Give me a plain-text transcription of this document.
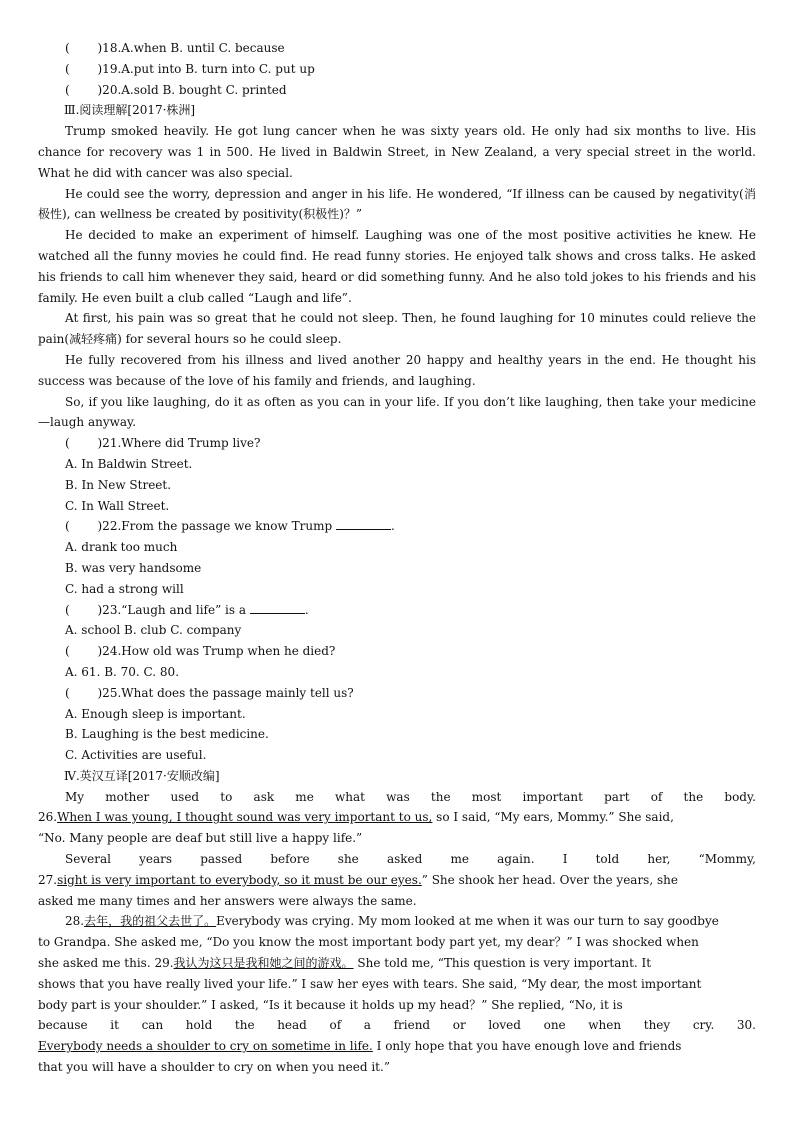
(　 　)18.A.when B. until C. because
(　 　)19.A.put into B. turn into C. put up
(　 　)20.A.sold B. bought C. printed
Ⅲ.阅读理解[2017·株洲]
Trump smoked heavily. He got lung cancer when he was sixty years old. He only had six months to live. His chance for recovery was 1 in 500. He lived in Baldwin Street, in New Zealand, a very special street in the world. What he did with cancer was also special.
He could see the worry, depression and anger in his life. He wondered, “If illness can be caused by negativity(消极性), can wellness be created by positivity(积极性)？”
He decided to make an experiment of himself. Laughing was one of the most positive activities he knew. He watched all the funny movies he could find. He read funny stories. He enjoyed talk shows and cross talks. He asked his friends to call him whenever they said, heard or did something funny. And he also told jokes to his friends and his family. He even built a club called “Laugh and life”.
At first, his pain was so great that he could not sleep. Then, he found laughing for 10 minutes could relieve the pain(减轻疼痛) for several hours so he could sleep.
He fully recovered from his illness and lived another 20 happy and healthy years in the end. He thought his success was because of the love of his family and friends, and laughing.
So, if you like laughing, do it as often as you can in your life. If you don’t like laughing, then take your medicine—laugh anyway.
(　 　)21.Where did Trump live?
A. In Baldwin Street.
B. In New Street.
C. In Wall Street.
(　 　)22.From the passage we know Trump	.
A. drank too much
B. was very handsome
C. had a strong will
(　 　)23.“Laugh and life” is a	.
A. school B. club C. company
(　 　)24.How old was Trump when he died?
A. 61. B. 70. C. 80.
(　 　)25.What does the passage mainly tell us?
A. Enough sleep is important.
B. Laughing is the best medicine.
C. Activities are useful.
Ⅳ.英汉互译[2017·安顺改编]
My mother used to ask me what was the most important part of the body.
26.When I was young, I thought sound was very important to us, so I said, “My ears, Mommy.” She said,
“No. Many people are deaf but still live a happy life.”
Several years passed before she asked me again. I told her, “Mommy,
27.sight is very important to everybody, so it must be our eyes.” She shook her head. Over the years, she
asked me many times and her answers were always the same.
28.去年，我的祖父去世了。Everybody was crying. My mom looked at me when it was our turn to say goodbye
to Grandpa. She asked me, “Do you know the most important body part yet, my dear？” I was shocked when
she asked me this. 29.我认为这只是我和她之间的游戏。 She told me, “This question is very important. It
shows that you have really lived your life.” I saw her eyes with tears. She said, “My dear, the most important
body part is your shoulder.” I asked, “Is it because it holds up my head？” She replied, “No, it is
because it can hold the head of a friend or loved one when they cry. 30.
Everybody needs a shoulder to cry on sometime in life. I only hope that you have enough love and friends
that you will have a shoulder to cry on when you need it.”
